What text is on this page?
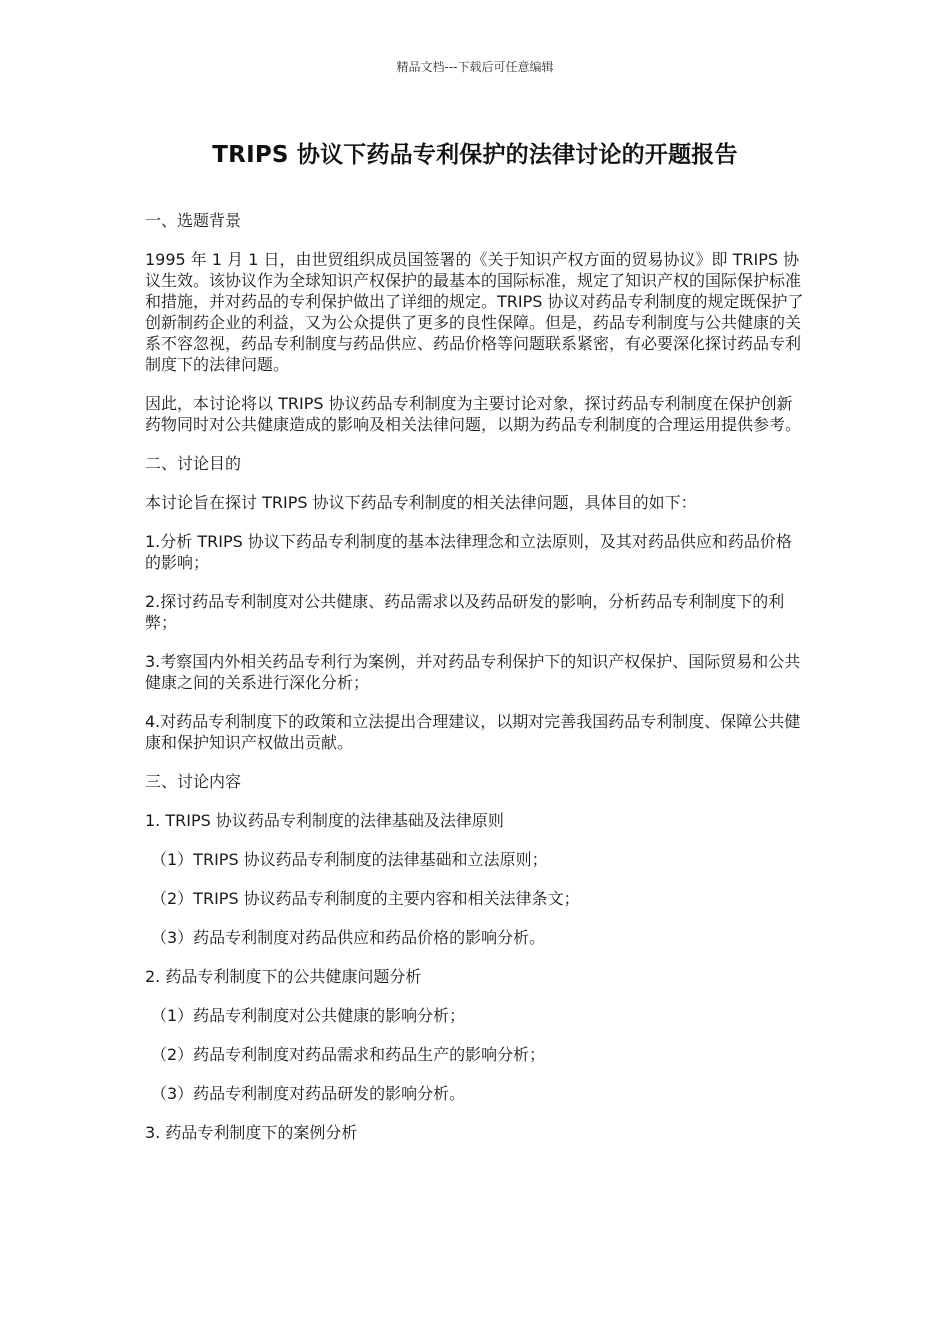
精品文档---下载后可任意编辑
TRIPS 协议下药品专利保护的法律讨论的开题报告

一、选题背景

1995 年 1 月 1 日，由世贸组织成员国签署的《关于知识产权方面的贸易协议》即 TRIPS 协议生效。该协议作为全球知识产权保护的最基本的国际标准，规定了知识产权的国际保护标准和措施，并对药品的专利保护做出了详细的规定。TRIPS 协议对药品专利制度的规定既保护了创新制药企业的利益，又为公众提供了更多的良性保障。但是，药品专利制度与公共健康的关系不容忽视，药品专利制度与药品供应、药品价格等问题联系紧密，有必要深化探讨药品专利制度下的法律问题。

因此，本讨论将以 TRIPS 协议药品专利制度为主要讨论对象，探讨药品专利制度在保护创新药物同时对公共健康造成的影响及相关法律问题，以期为药品专利制度的合理运用提供参考。

二、讨论目的

本讨论旨在探讨 TRIPS 协议下药品专利制度的相关法律问题，具体目的如下：

1.分析 TRIPS 协议下药品专利制度的基本法律理念和立法原则，及其对药品供应和药品价格的影响；

2.探讨药品专利制度对公共健康、药品需求以及药品研发的影响，分析药品专利制度下的利弊；

3.考察国内外相关药品专利行为案例，并对药品专利保护下的知识产权保护、国际贸易和公共健康之间的关系进行深化分析；

4.对药品专利制度下的政策和立法提出合理建议，以期对完善我国药品专利制度、保障公共健康和保护知识产权做出贡献。

三、讨论内容

1. TRIPS 协议药品专利制度的法律基础及法律原则

（1）TRIPS 协议药品专利制度的法律基础和立法原则；

（2）TRIPS 协议药品专利制度的主要内容和相关法律条文；

（3）药品专利制度对药品供应和药品价格的影响分析。

2. 药品专利制度下的公共健康问题分析

（1）药品专利制度对公共健康的影响分析；

（2）药品专利制度对药品需求和药品生产的影响分析；

（3）药品专利制度对药品研发的影响分析。

3. 药品专利制度下的案例分析
